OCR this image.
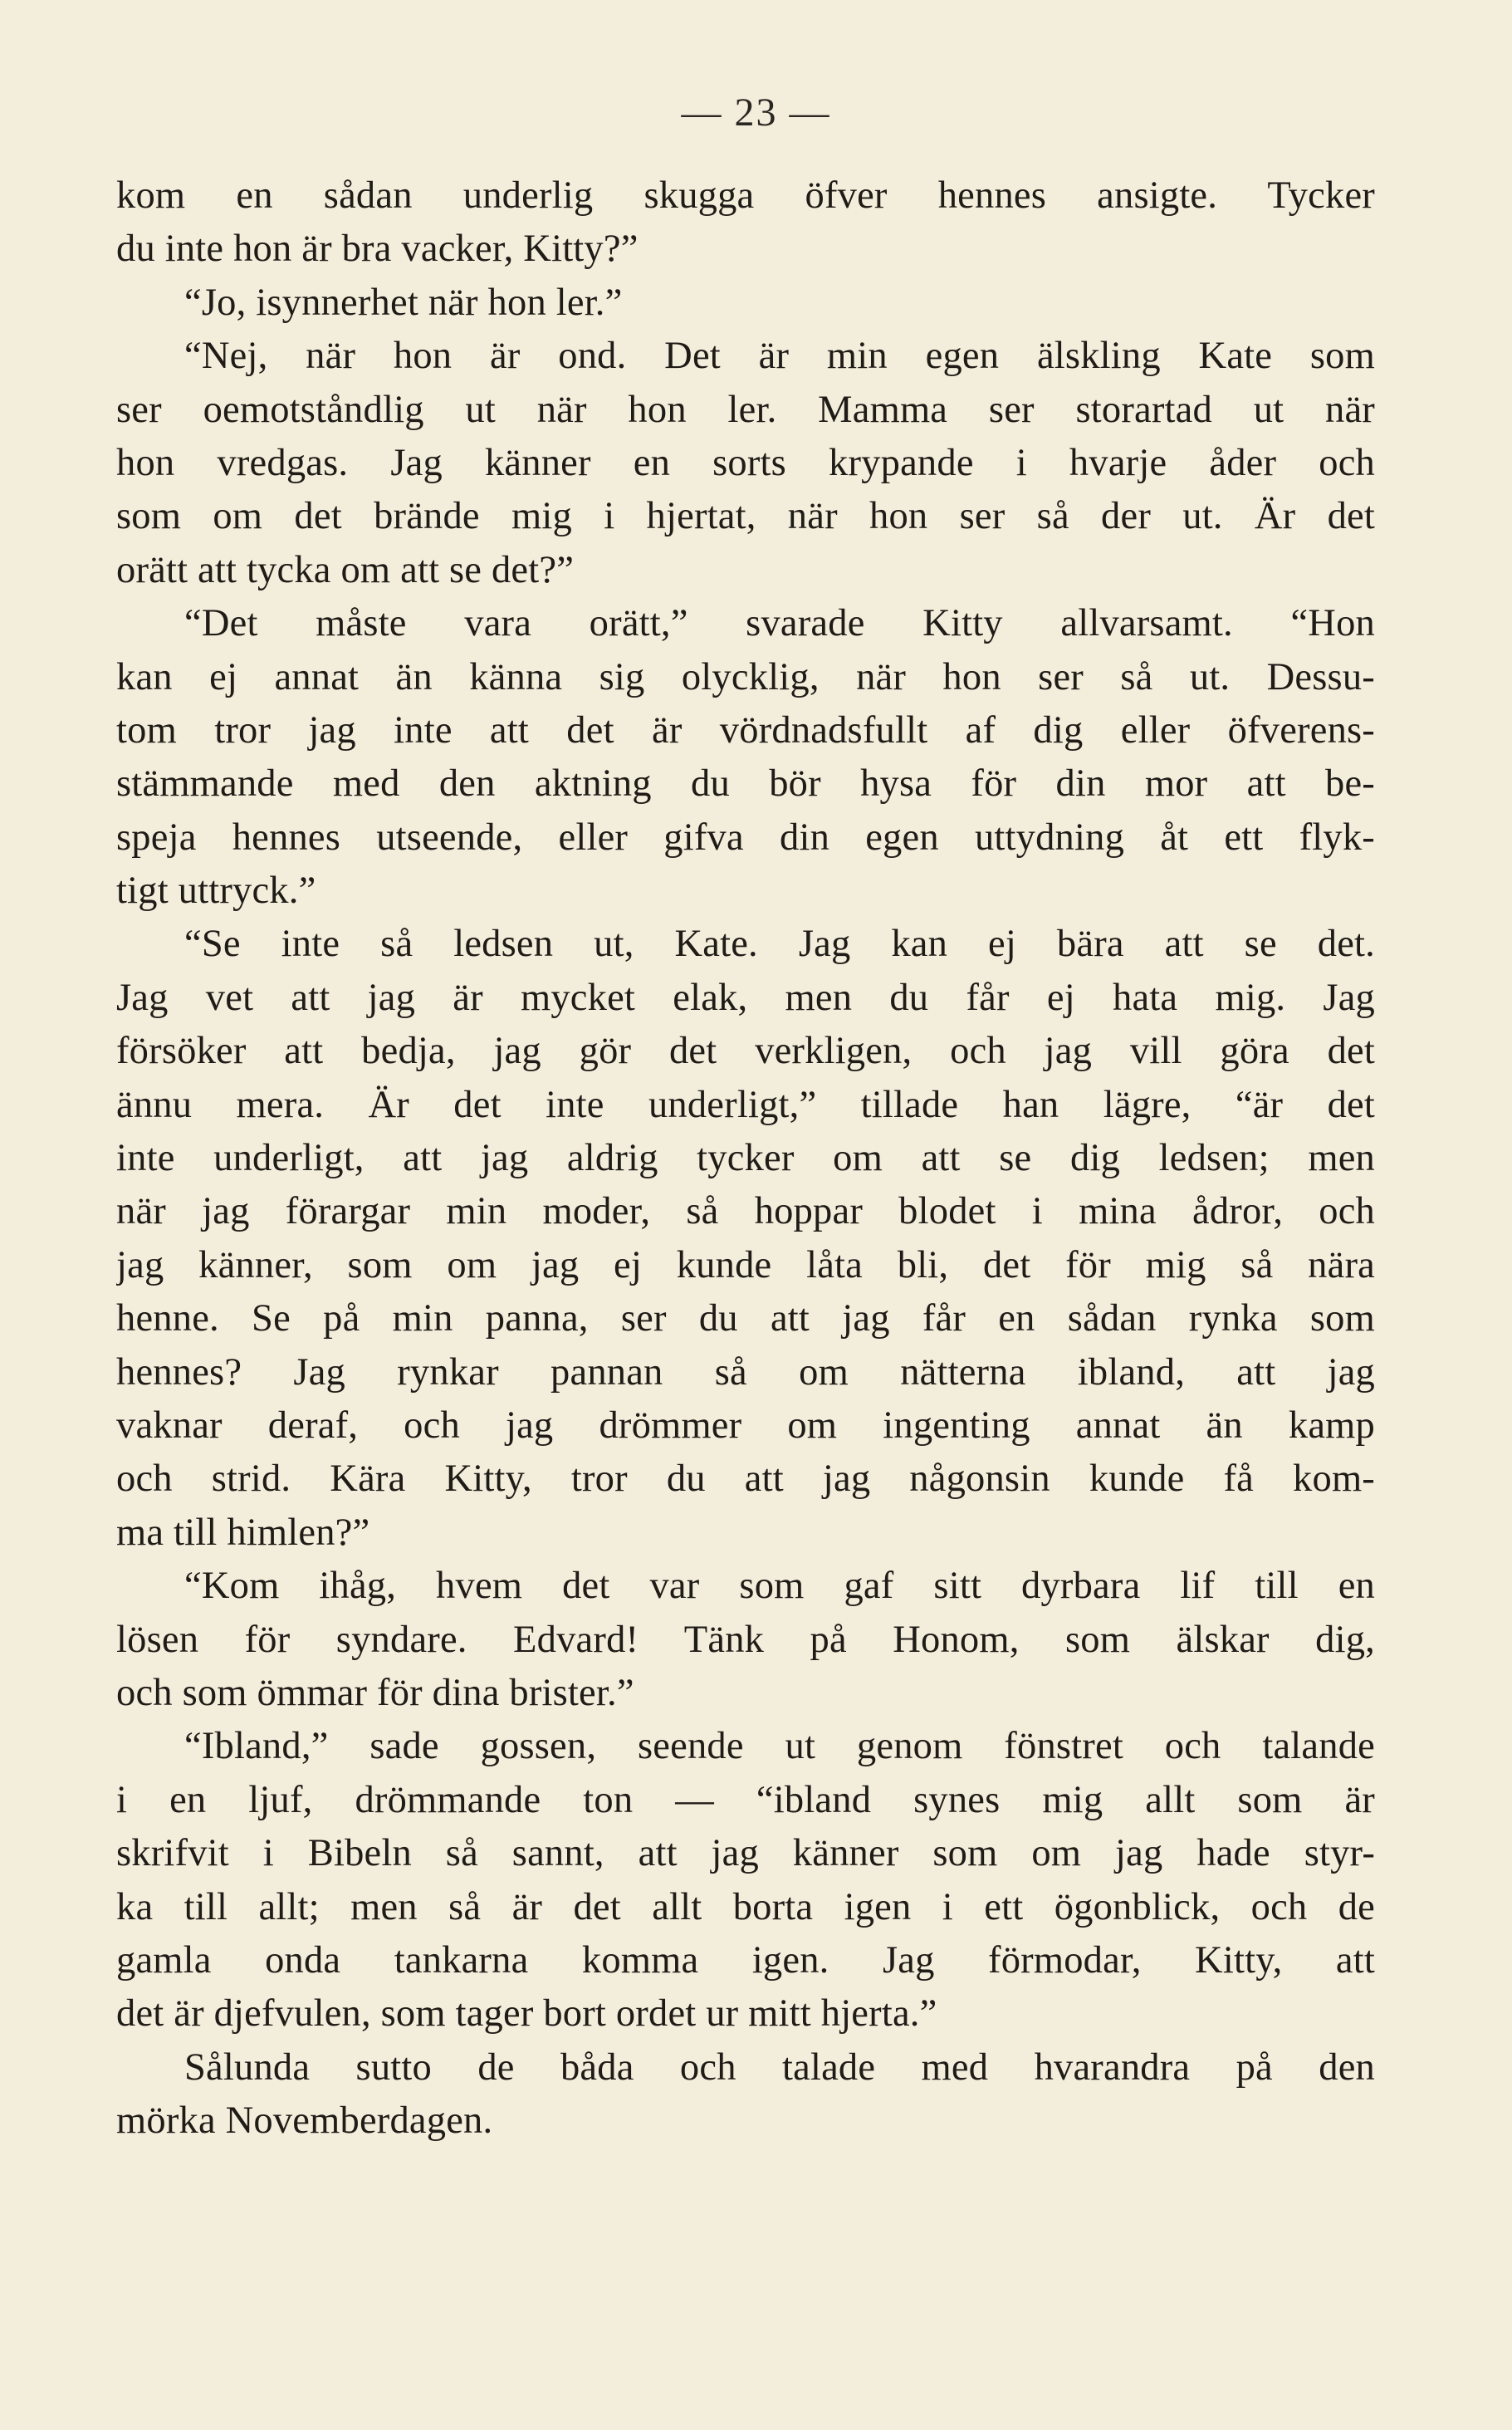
— 23 —
kom en sådan underlig skugga öfver hennes ansigte. Tycker
du inte hon är bra vacker, Kitty?”
“Jo, isynnerhet när hon ler.”
“Nej, när hon är ond. Det är min egen älskling Kate som
ser oemotståndlig ut när hon ler. Mamma ser storartad ut när
hon vredgas. Jag känner en sorts krypande i hvarje åder och
som om det brände mig i hjertat, när hon ser så der ut. Är det
orätt att tycka om att se det?”
“Det måste vara orätt,” svarade Kitty allvarsamt. “Hon
kan ej annat än känna sig olycklig, när hon ser så ut. Dessu-
tom tror jag inte att det är vördnadsfullt af dig eller öfverens-
stämmande med den aktning du bör hysa för din mor att be-
speja hennes utseende, eller gifva din egen uttydning åt ett flyk-
tigt uttryck.”
“Se inte så ledsen ut, Kate. Jag kan ej bära att se det.
Jag vet att jag är mycket elak, men du får ej hata mig. Jag
försöker att bedja, jag gör det verkligen, och jag vill göra det
ännu mera. Är det inte underligt,” tillade han lägre, “är det
inte underligt, att jag aldrig tycker om att se dig ledsen; men
när jag förargar min moder, så hoppar blodet i mina ådror, och
jag känner, som om jag ej kunde låta bli, det för mig så nära
henne. Se på min panna, ser du att jag får en sådan rynka som
hennes? Jag rynkar pannan så om nätterna ibland, att jag
vaknar deraf, och jag drömmer om ingenting annat än kamp
och strid. Kära Kitty, tror du att jag någonsin kunde få kom-
ma till himlen?”
“Kom ihåg, hvem det var som gaf sitt dyrbara lif till en
lösen för syndare. Edvard! Tänk på Honom, som älskar dig,
och som ömmar för dina brister.”
“Ibland,” sade gossen, seende ut genom fönstret och talande
i en ljuf, drömmande ton — “ibland synes mig allt som är
skrifvit i Bibeln så sannt, att jag känner som om jag hade styr-
ka till allt; men så är det allt borta igen i ett ögonblick, och de
gamla onda tankarna komma igen. Jag förmodar, Kitty, att
det är djefvulen, som tager bort ordet ur mitt hjerta.”
Sålunda sutto de båda och talade med hvarandra på den
mörka Novemberdagen.
